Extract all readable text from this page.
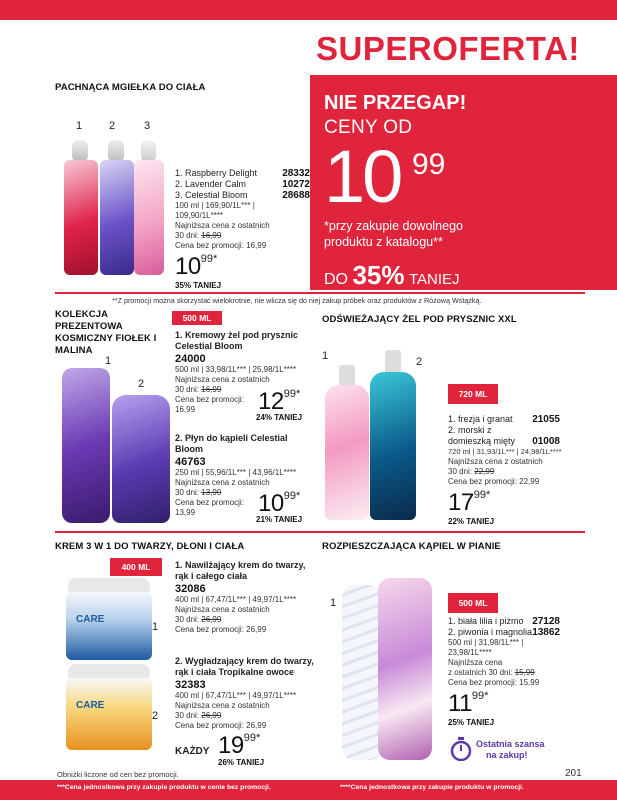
SUPEROFERTA!
NIE PRZEGAP!
CENY OD
10 99
*przy zakupie dowolnego produktu z katalogu**
DO 35% TANIEJ
PACHNĄCA MGIEŁKA DO CIAŁA
1 2	3
1. Raspberry Delight	28332
2. Lavender Calm	10272
3. Celestial Bloom	28688
100 ml | 169,90/1L*** |
109,90/1L****
Najniższa cena z ostatnich
30 dni: 16,99
Cena bez promocji: 16,99
$10^{99*}$
35% TANIEJ
**Z promocji można skorzystać wielokrotnie, nie wlicza się do niej zakup próbek oraz produktów z Różową Wstążką.
KOLEKCJA PREZENTOWA KOSMICZNY FIOŁEK I MALINA
500 ML
1
2
1. Kremowy żel pod prysznic Celestial Bloom
24000
500 ml | 33,98/1L*** | 25,98/1L****
Najniższa cena z ostatnich
30 dni: 16,99
Cena bez promocji:
16,99	$12^{99*}$
24% TANIEJ
2. Płyn do kąpieli Celestial Bloom
46763
250 ml | 55,96/1L*** | 43,96/1L****
Najniższa cena z ostatnich
30 dni: 13,99
Cena bez promocji:
13,99	$10^{99*}$
21% TANIEJ
ODŚWIEŻAJĄCY ŻEL POD PRYSZNIC XXL
1	2
720 ML
1. frezja i granat 21055
2. morski z domieszką mięty	01008
720 ml | 31,93/1L*** | 24,98/1L****
Najniższa cena z ostatnich
30 dni: 22,99
Cena bez promocji: 22,99
$17^{99*}$
22% TANIEJ
KREM 3 W 1 DO TWARZY, DŁONI I CIAŁA
400 ML
CARE
CARE
1
2
1. Nawilżający krem do twarzy, rąk i całego ciała
32086
400 ml | 67,47/1L*** | 49,97/1L****
Najniższa cena z ostatnich
30 dni: 26,99
Cena bez promocji: 26,99
2. Wygładzający krem do twarzy, rąk i ciała Tropikalne owoce
32383
400 ml | 67,47/1L*** | 49,97/1L****
Najniższa cena z ostatnich
30 dni: 26,99
Cena bez promocji: 26,99
KAŻDY $19^{99*}$
26% TANIEJ
ROZPIESZCZAJĄCA KĄPIEL W PIANIE
1	500 ML
1. biała lilia i piżmo 27128
2. piwonia i magnolia 13862
500 ml | 31,98/1L*** |
23,98/1L****
Najniższa cena
z ostatnich 30 dni: 15,99
Cena bez promocji: 15,99
$11^{99*}$
25% TANIEJ
Ostatnia szansa
na zakup!
Obniżki liczone od cen bez promocji.	201
***Cena jednostkowa przy zakupie produktu w cenie bez promocji.	****Cena jednostkowa przy zakupie produktu w promocji.
